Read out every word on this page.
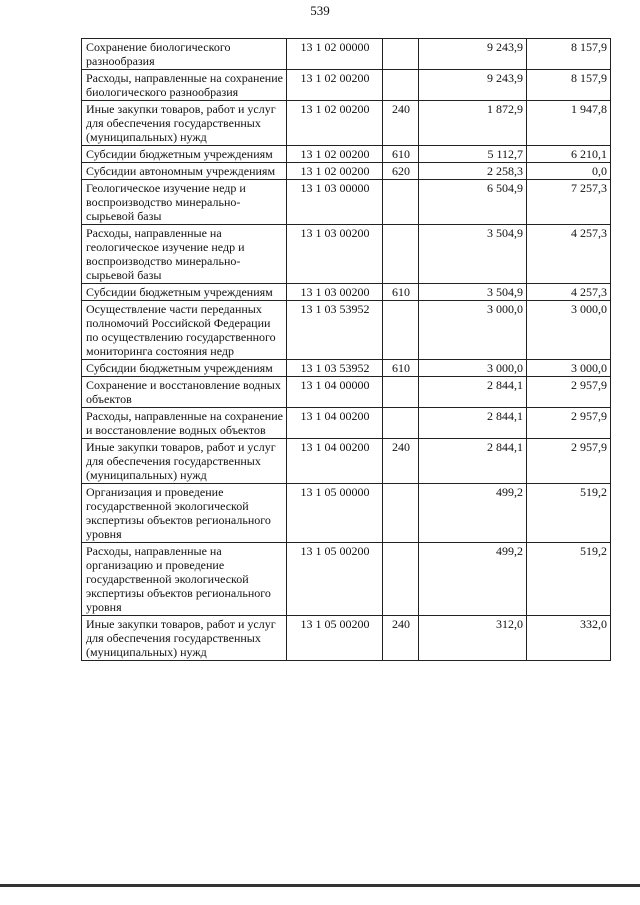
539
Сохранение биологического разнообразия	13 1 02 00000		9 243,9	8 157,9
Расходы, направленные на сохранение биологического разнообразия	13 1 02 00200		9 243,9	8 157,9
Иные закупки товаров, работ и услуг для обеспечения государственных (муниципальных) нужд	13 1 02 00200	240	1 872,9	1 947,8
Субсидии бюджетным учреждениям	13 1 02 00200	610	5 112,7	6 210,1
Субсидии автономным учреждениям	13 1 02 00200	620	2 258,3	0,0
Геологическое изучение недр и воспроизводство минерально-сырьевой базы	13 1 03 00000		6 504,9	7 257,3
Расходы, направленные на геологическое изучение недр и воспроизводство минерально-сырьевой базы	13 1 03 00200		3 504,9	4 257,3
Субсидии бюджетным учреждениям	13 1 03 00200	610	3 504,9	4 257,3
Осуществление части переданных полномочий Российской Федерации по осуществлению государственного мониторинга состояния недр	13 1 03 53952		3 000,0	3 000,0
Субсидии бюджетным учреждениям	13 1 03 53952	610	3 000,0	3 000,0
Сохранение и восстановление водных объектов	13 1 04 00000		2 844,1	2 957,9
Расходы, направленные на сохранение и восстановление водных объектов	13 1 04 00200		2 844,1	2 957,9
Иные закупки товаров, работ и услуг для обеспечения государственных (муниципальных) нужд	13 1 04 00200	240	2 844,1	2 957,9
Организация и проведение государственной экологической экспертизы объектов регионального уровня	13 1 05 00000		499,2	519,2
Расходы, направленные на организацию и проведение государственной экологической экспертизы объектов регионального уровня	13 1 05 00200		499,2	519,2
Иные закупки товаров, работ и услуг для обеспечения государственных (муниципальных) нужд	13 1 05 00200	240	312,0	332,0
